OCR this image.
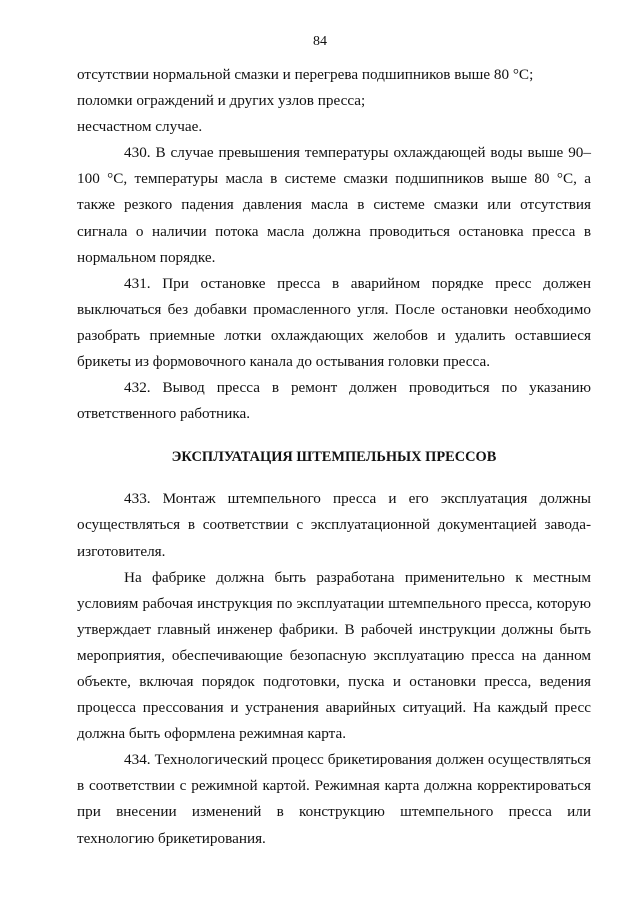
84

отсутствии нормальной смазки и перегрева подшипников выше 80 °С;

поломки ограждений и других узлов пресса;

несчастном случае.

430. В случае превышения температуры охлаждающей воды выше 90–100 °С, температуры масла в системе смазки подшипников выше 80 °С, а также резкого падения давления масла в системе смазки или отсутствия сигнала о наличии потока масла должна проводиться остановка пресса в нормальном порядке.

431. При остановке пресса в аварийном порядке пресс должен выключаться без добавки промасленного угля. После остановки необходимо разобрать приемные лотки охлаждающих желобов и удалить оставшиеся брикеты из формовочного канала до остывания головки пресса.

432. Вывод пресса в ремонт должен проводиться по указанию ответственного работника.

ЭКСПЛУАТАЦИЯ ШТЕМПЕЛЬНЫХ ПРЕССОВ

433. Монтаж штемпельного пресса и его эксплуатация должны осуществляться в соответствии с эксплуатационной документацией завода-изготовителя.

На фабрике должна быть разработана применительно к местным условиям рабочая инструкция по эксплуатации штемпельного пресса, которую утверждает главный инженер фабрики. В рабочей инструкции должны быть мероприятия, обеспечивающие безопасную эксплуатацию пресса на данном объекте, включая порядок подготовки, пуска и остановки пресса, ведения процесса прессования и устранения аварийных ситуаций. На каждый пресс должна быть оформлена режимная карта.

434. Технологический процесс брикетирования должен осуществляться в соответствии с режимной картой. Режимная карта должна корректироваться при внесении изменений в конструкцию штемпельного пресса или технологию брикетирования.
